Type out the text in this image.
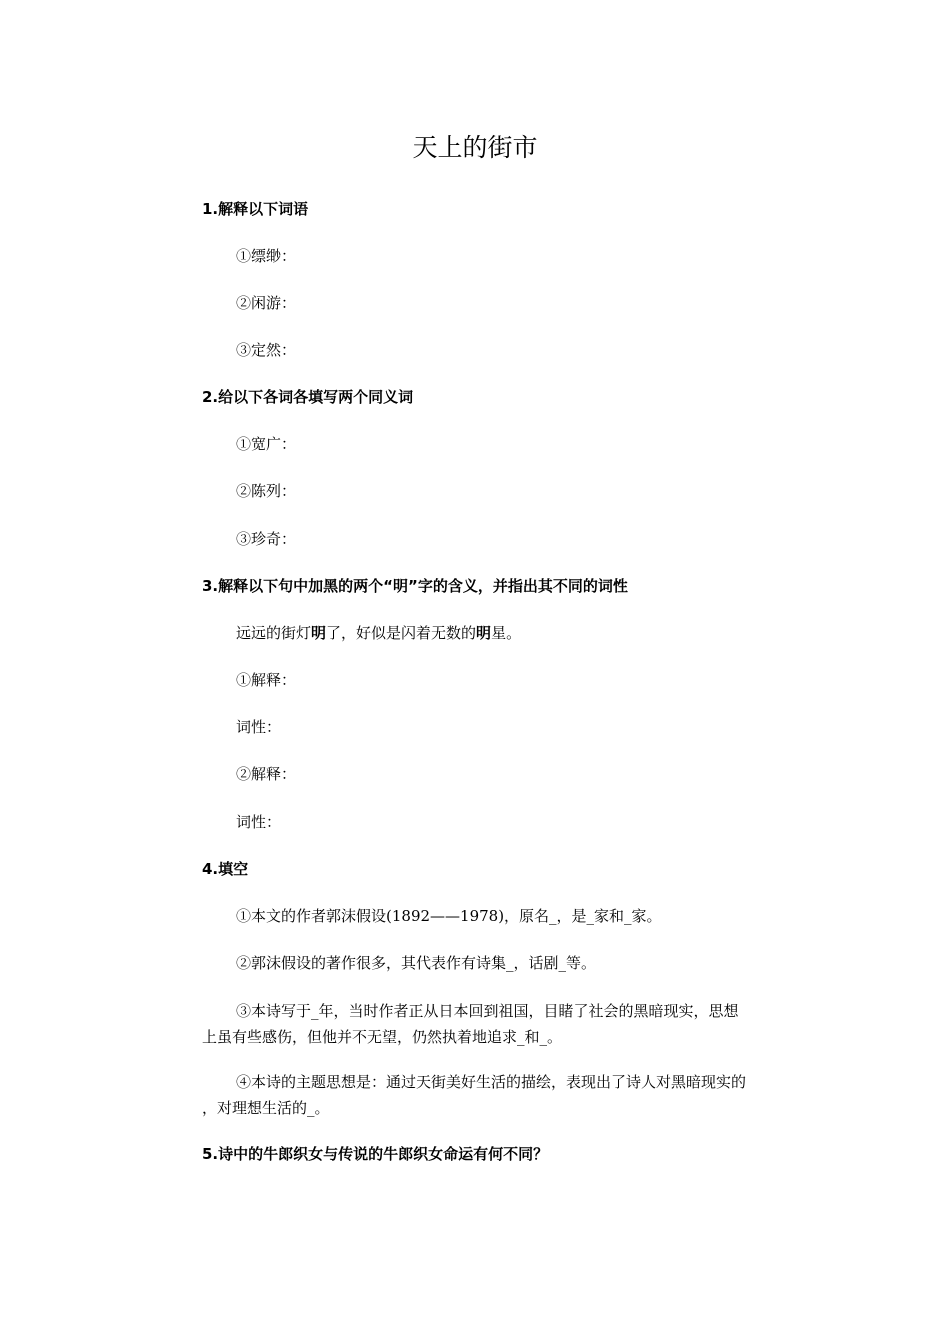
天上的街市
1.解释以下词语
①缥缈：
②闲游：
③定然：
2.给以下各词各填写两个同义词
①宽广：
②陈列：
③珍奇：
3.解释以下句中加黑的两个“明”字的含义，并指出其不同的词性
远远的街灯明了，好似是闪着无数的明星。
①解释：
词性：
②解释：
词性：
4.填空
①本文的作者郭沫假设(1892——1978)，原名_，是_家和_家。
②郭沫假设的著作很多，其代表作有诗集_，话剧_等。
③本诗写于_年，当时作者正从日本回到祖国，目睹了社会的黑暗现实，思想
上虽有些感伤，但他并不无望，仍然执着地追求_和_。
④本诗的主题思想是：通过天街美好生活的描绘，表现出了诗人对黑暗现实的
，对理想生活的_。
5.诗中的牛郎织女与传说的牛郎织女命运有何不同？
